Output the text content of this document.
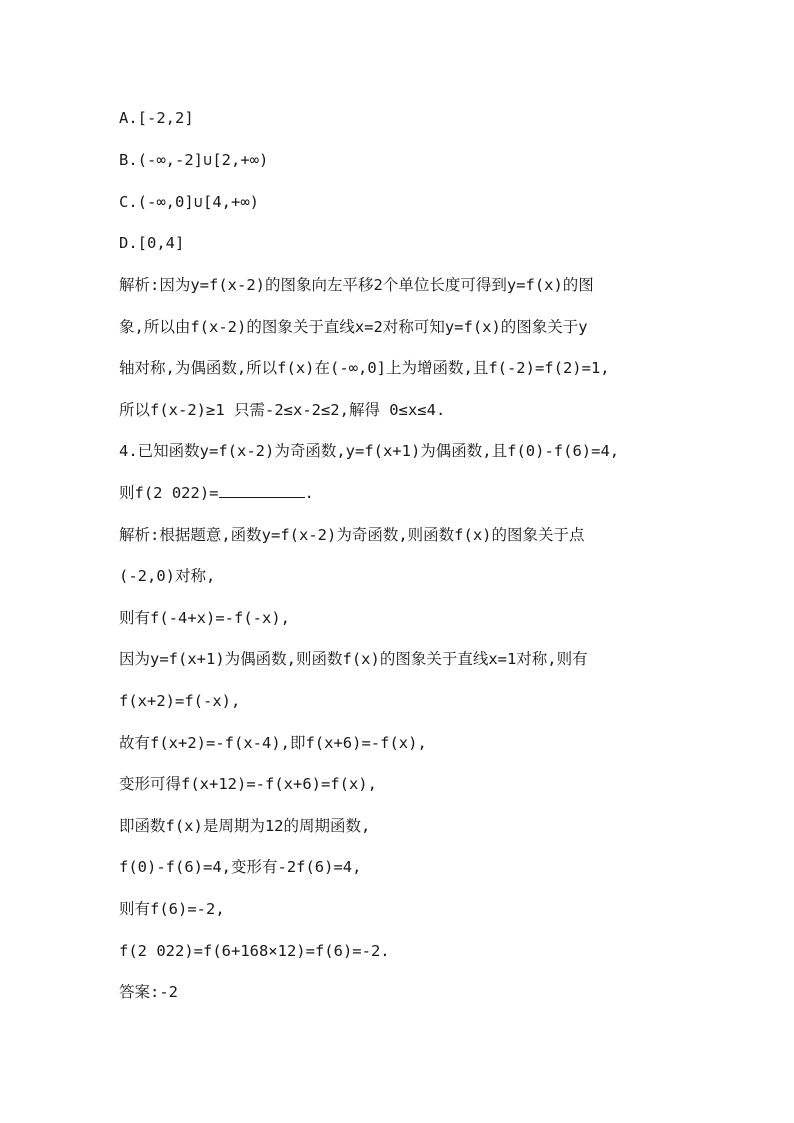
A.[-2,2]
B.(-∞,-2]∪[2,+∞)
C.(-∞,0]∪[4,+∞)
D.[0,4]
解析:因为y=f(x-2)的图象向左平移2个单位长度可得到y=f(x)的图
象,所以由f(x-2)的图象关于直线x=2对称可知y=f(x)的图象关于y
轴对称,为偶函数,所以f(x)在(-∞,0]上为增函数,且f(-2)=f(2)=1,
所以f(x-2)≥1 只需-2≤x-2≤2,解得 0≤x≤4.
4.已知函数y=f(x-2)为奇函数,y=f(x+1)为偶函数,且f(0)-f(6)=4,
则f(2 022)=	.
解析:根据题意,函数y=f(x-2)为奇函数,则函数f(x)的图象关于点
(-2,0)对称,
则有f(-4+x)=-f(-x),
因为y=f(x+1)为偶函数,则函数f(x)的图象关于直线x=1对称,则有
f(x+2)=f(-x),
故有f(x+2)=-f(x-4),即f(x+6)=-f(x),
变形可得f(x+12)=-f(x+6)=f(x),
即函数f(x)是周期为12的周期函数,
f(0)-f(6)=4,变形有-2f(6)=4,
则有f(6)=-2,
f(2 022)=f(6+168×12)=f(6)=-2.
答案:-2
